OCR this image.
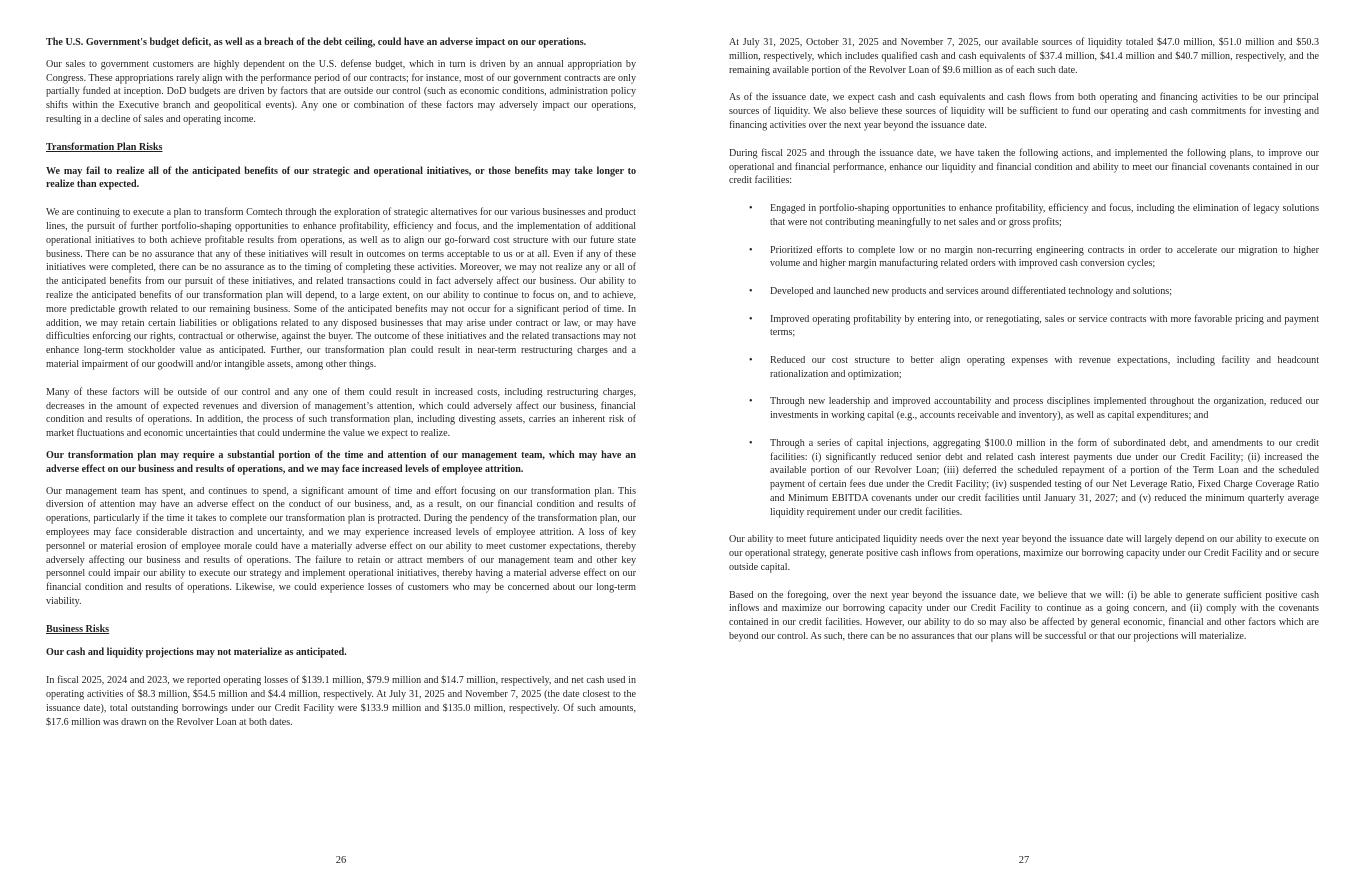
The U.S. Government's budget deficit, as well as a breach of the debt ceiling, could have an adverse impact on our operations.

Our sales to government customers are highly dependent on the U.S. defense budget, which in turn is driven by an annual appropriation by Congress. These appropriations rarely align with the performance period of our contracts; for instance, most of our government contracts are only partially funded at inception. DoD budgets are driven by factors that are outside our control (such as economic conditions, administration policy shifts within the Executive branch and geopolitical events). Any one or combination of these factors may adversely impact our operations, resulting in a decline of sales and operating income.

Transformation Plan Risks

We may fail to realize all of the anticipated benefits of our strategic and operational initiatives, or those benefits may take longer to realize than expected.

We are continuing to execute a plan to transform Comtech through the exploration of strategic alternatives for our various businesses and product lines, the pursuit of further portfolio-shaping opportunities to enhance profitability, efficiency and focus, and the implementation of additional operational initiatives to both achieve profitable results from operations, as well as to align our go-forward cost structure with our future state business. There can be no assurance that any of these initiatives will result in outcomes on terms acceptable to us or at all. Even if any of these initiatives were completed, there can be no assurance as to the timing of completing these activities. Moreover, we may not realize any or all of the anticipated benefits from our pursuit of these initiatives, and related transactions could in fact adversely affect our business. Our ability to realize the anticipated benefits of our transformation plan will depend, to a large extent, on our ability to continue to focus on, and to achieve, more predictable growth related to our remaining business. Some of the anticipated benefits may not occur for a significant period of time. In addition, we may retain certain liabilities or obligations related to any disposed businesses that may arise under contract or law, or may have difficulties enforcing our rights, contractual or otherwise, against the buyer. The outcome of these initiatives and the related transactions may not enhance long-term stockholder value as anticipated. Further, our transformation plan could result in near-term restructuring charges and a material impairment of our goodwill and/or intangible assets, among other things.

Many of these factors will be outside of our control and any one of them could result in increased costs, including restructuring charges, decreases in the amount of expected revenues and diversion of management’s attention, which could adversely affect our business, financial condition and results of operations. In addition, the process of such transformation plan, including divesting assets, carries an inherent risk of market fluctuations and economic uncertainties that could undermine the value we expect to realize.

Our transformation plan may require a substantial portion of the time and attention of our management team, which may have an adverse effect on our business and results of operations, and we may face increased levels of employee attrition.

Our management team has spent, and continues to spend, a significant amount of time and effort focusing on our transformation plan. This diversion of attention may have an adverse effect on the conduct of our business, and, as a result, on our financial condition and results of operations, particularly if the time it takes to complete our transformation plan is protracted. During the pendency of the transformation plan, our employees may face considerable distraction and uncertainty, and we may experience increased levels of employee attrition. A loss of key personnel or material erosion of employee morale could have a materially adverse effect on our ability to meet customer expectations, thereby adversely affecting our business and results of operations. The failure to retain or attract members of our management team and other key personnel could impair our ability to execute our strategy and implement operational initiatives, thereby having a material adverse effect on our financial condition and results of operations. Likewise, we could experience losses of customers who may be concerned about our long-term viability.

Business Risks

Our cash and liquidity projections may not materialize as anticipated.

In fiscal 2025, 2024 and 2023, we reported operating losses of $139.1 million, $79.9 million and $14.7 million, respectively, and net cash used in operating activities of $8.3 million, $54.5 million and $4.4 million, respectively. At July 31, 2025 and November 7, 2025 (the date closest to the issuance date), total outstanding borrowings under our Credit Facility were $133.9 million and $135.0 million, respectively. Of such amounts, $17.6 million was drawn on the Revolver Loan at both dates.

At July 31, 2025, October 31, 2025 and November 7, 2025, our available sources of liquidity totaled $47.0 million, $51.0 million and $50.3 million, respectively, which includes qualified cash and cash equivalents of $37.4 million, $41.4 million and $40.7 million, respectively, and the remaining available portion of the Revolver Loan of $9.6 million as of each such date.

As of the issuance date, we expect cash and cash equivalents and cash flows from both operating and financing activities to be our principal sources of liquidity. We also believe these sources of liquidity will be sufficient to fund our operating and cash commitments for investing and financing activities over the next year beyond the issuance date.

During fiscal 2025 and through the issuance date, we have taken the following actions, and implemented the following plans, to improve our operational and financial performance, enhance our liquidity and financial condition and ability to meet our financial covenants contained in our credit facilities:

• Engaged in portfolio-shaping opportunities to enhance profitability, efficiency and focus, including the elimination of legacy solutions that were not contributing meaningfully to net sales and or gross profits;
• Prioritized efforts to complete low or no margin non-recurring engineering contracts in order to accelerate our migration to higher volume and higher margin manufacturing related orders with improved cash conversion cycles;
• Developed and launched new products and services around differentiated technology and solutions;
• Improved operating profitability by entering into, or renegotiating, sales or service contracts with more favorable pricing and payment terms;
• Reduced our cost structure to better align operating expenses with revenue expectations, including facility and headcount rationalization and optimization;
• Through new leadership and improved accountability and process disciplines implemented throughout the organization, reduced our investments in working capital (e.g., accounts receivable and inventory), as well as capital expenditures; and
• Through a series of capital injections, aggregating $100.0 million in the form of subordinated debt, and amendments to our credit facilities: (i) significantly reduced senior debt and related cash interest payments due under our Credit Facility; (ii) increased the available portion of our Revolver Loan; (iii) deferred the scheduled repayment of a portion of the Term Loan and the scheduled payment of certain fees due under the Credit Facility; (iv) suspended testing of our Net Leverage Ratio, Fixed Charge Coverage Ratio and Minimum EBITDA covenants under our credit facilities until January 31, 2027; and (v) reduced the minimum quarterly average liquidity requirement under our credit facilities.

Our ability to meet future anticipated liquidity needs over the next year beyond the issuance date will largely depend on our ability to execute on our operational strategy, generate positive cash inflows from operations, maximize our borrowing capacity under our Credit Facility and or secure outside capital.

Based on the foregoing, over the next year beyond the issuance date, we believe that we will: (i) be able to generate sufficient positive cash inflows and maximize our borrowing capacity under our Credit Facility to continue as a going concern, and (ii) comply with the covenants contained in our credit facilities. However, our ability to do so may also be affected by general economic, financial and other factors which are beyond our control. As such, there can be no assurances that our plans will be successful or that our projections will materialize.

26	27
